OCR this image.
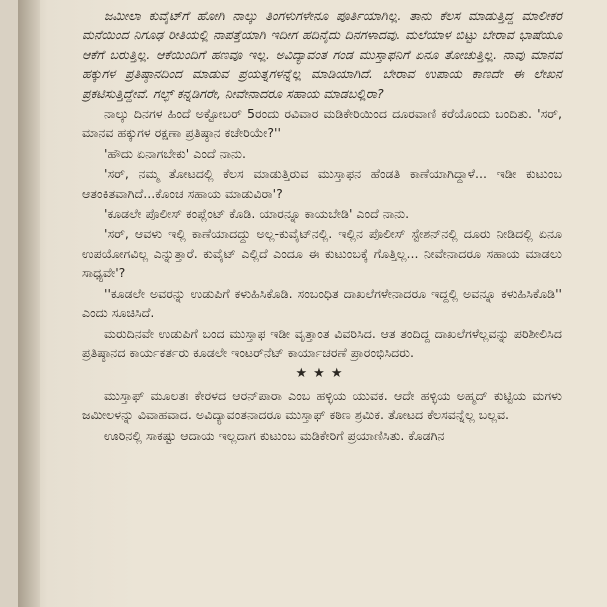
ಜಮೀಲಾ ಕುವೈಟ್‌ಗೆ ಹೋಗಿ ನಾಲ್ಕು ತಿಂಗಳುಗಳೇನೂ ಪೂರ್ತಿಯಾಗಿಲ್ಲ. ತಾನು ಕೆಲಸ ಮಾಡುತ್ತಿದ್ದ ಮಾಲೀಕರ ಮನೆಯಿಂದ ನಿಗೂಢ ರೀತಿಯಲ್ಲಿ ನಾಪತ್ತೆಯಾಗಿ ಇದೀಗ ಹದಿನೈದು ದಿನಗಳಾದವು. ಮಲೆಯಾಳ ಬಿಟ್ಟು ಬೇರಾವ ಭಾಷೆಯೂ ಆಕೆಗೆ ಬರುತ್ತಿಲ್ಲ. ಆಕೆಯಿಂದಿಗೆ ಹಣವೂ ಇಲ್ಲ. ಅವಿದ್ಯಾವಂತ ಗಂಡ ಮುಸ್ತಾಫನಿಗೆ ಏನೂ ತೋಚುತ್ತಿಲ್ಲ. ನಾವು ಮಾನವ ಹಕ್ಕುಗಳ ಪ್ರತಿಷ್ಠಾನದಿಂದ ಮಾಡುವ ಪ್ರಯತ್ನಗಳನ್ನೆಲ್ಲ ಮಾಡಿಯಾಗಿದೆ. ಬೇರಾವ ಉಪಾಯ ಕಾಣದೇ ಈ ಲೇಖನ ಪ್ರಕಟಿಸುತ್ತಿದ್ದೇವೆ. ಗಲ್ಫ್ ಕನ್ನಡಿಗರೇ, ನೀವೇನಾದರೂ ಸಹಾಯ ಮಾಡಬಲ್ಲಿರಾ?

ನಾಲ್ಕು ದಿನಗಳ ಹಿಂದೆ ಅಕ್ಟೋಬರ್ 5ರಂದು ರವಿವಾರ ಮಡಿಕೇರಿಯಿಂದ ದೂರವಾಣಿ ಕರೆಯೊಂದು ಬಂದಿತು. 'ಸರ್, ಮಾನವ ಹಕ್ಕುಗಳ ರಕ್ಷಣಾ ಪ್ರತಿಷ್ಠಾನ ಕಚೇರಿಯೇ?''

'ಹೌದು ಏನಾಗಬೇಕು' ಎಂದೆ ನಾನು.

'ಸರ್, ನಮ್ಮ ತೋಟದಲ್ಲಿ ಕೆಲಸ ಮಾಡುತ್ತಿರುವ ಮುಸ್ತಾಫನ ಹೆಂಡತಿ ಕಾಣೆಯಾಗಿದ್ದಾಳೆ... ಇಡೀ ಕುಟುಂಬ ಆತಂಕಿತವಾಗಿದೆ...ಕೊಂಚ ಸಹಾಯ ಮಾಡುವಿರಾ'?

'ಕೂಡಲೇ ಪೊಲೀಸ್ ಕಂಪ್ಲೆಂಟ್ ಕೊಡಿ. ಯಾರನ್ನೂ ಕಾಯಬೇಡಿ' ಎಂದೆ ನಾನು.

'ಸರ್, ಆವಳು ಇಲ್ಲಿ ಕಾಣೆಯಾದದ್ದು ಅಲ್ಲ-ಕುವೈಟ್‌ನಲ್ಲಿ. ಇಲ್ಲಿನ ಪೊಲೀಸ್ ಸ್ಟೇಶನ್‌ನಲ್ಲಿ ದೂರು ನೀಡಿದಲ್ಲಿ ಏನೂ ಉಪಯೋಗವಿಲ್ಲ ಎನ್ನುತ್ತಾರೆ. ಕುವೈಟ್ ಎಲ್ಲಿದೆ ಎಂದೂ ಈ ಕುಟುಂಬಕ್ಕೆ ಗೊತ್ತಿಲ್ಲ... ನೀವೇನಾದರೂ ಸಹಾಯ ಮಾಡಲು ಸಾಧ್ಯವೇ'?

''ಕೂಡಲೇ ಅವರನ್ನು ಉಡುಪಿಗೆ ಕಳುಹಿಸಿಕೊಡಿ. ಸಂಬಂಧಿತ ದಾಖಲೆಗಳೇನಾದರೂ ಇದ್ದಲ್ಲಿ ಅವನ್ನೂ ಕಳುಹಿಸಿಕೊಡಿ'' ಎಂದು ಸೂಚಿಸಿದೆ.

ಮರುದಿನವೇ ಉಡುಪಿಗೆ ಬಂದ ಮುಸ್ತಾಫ ಇಡೀ ವೃತ್ತಾಂತ ವಿವರಿಸಿದ. ಆತ ತಂದಿದ್ದ ದಾಖಲೆಗಳೆಲ್ಲವನ್ನು ಪರಿಶೀಲಿಸಿದ ಪ್ರತಿಷ್ಠಾನದ ಕಾರ್ಯಕರ್ತರು ಕೂಡಲೇ ಇಂಟರ್‌ನೆಟ್ ಕಾರ್ಯಾಚರಣೆ ಪ್ರಾರಂಭಿಸಿದರು.

★★★

ಮುಸ್ತಾಫ್ ಮೂಲತಃ ಕೇರಳದ ಆರನ್‌ಪಾರಾ ಎಂಬ ಹಳ್ಳಿಯ ಯುವಕ. ಆದೇ ಹಳ್ಳಿಯ ಅಹ್ಮದ್ ಕುಟ್ಟಿಯ ಮಗಳು ಜಮೀಲಳನ್ನು ವಿವಾಹವಾದ. ಅವಿದ್ಯಾವಂತನಾದರೂ ಮುಸ್ತಾಫ್ ಕಠಿಣ ಶ್ರಮಿಕ. ತೋಟದ ಕೆಲಸವನ್ನೆಲ್ಲ ಬಲ್ಲವ.

ಊರಿನಲ್ಲಿ ಸಾಕಷ್ಟು ಆದಾಯ ಇಲ್ಲದಾಗ ಕುಟುಂಬ ಮಡಿಕೇರಿಗೆ ಪ್ರಯಾಣಿಸಿತು. ಕೊಡಗಿನ
